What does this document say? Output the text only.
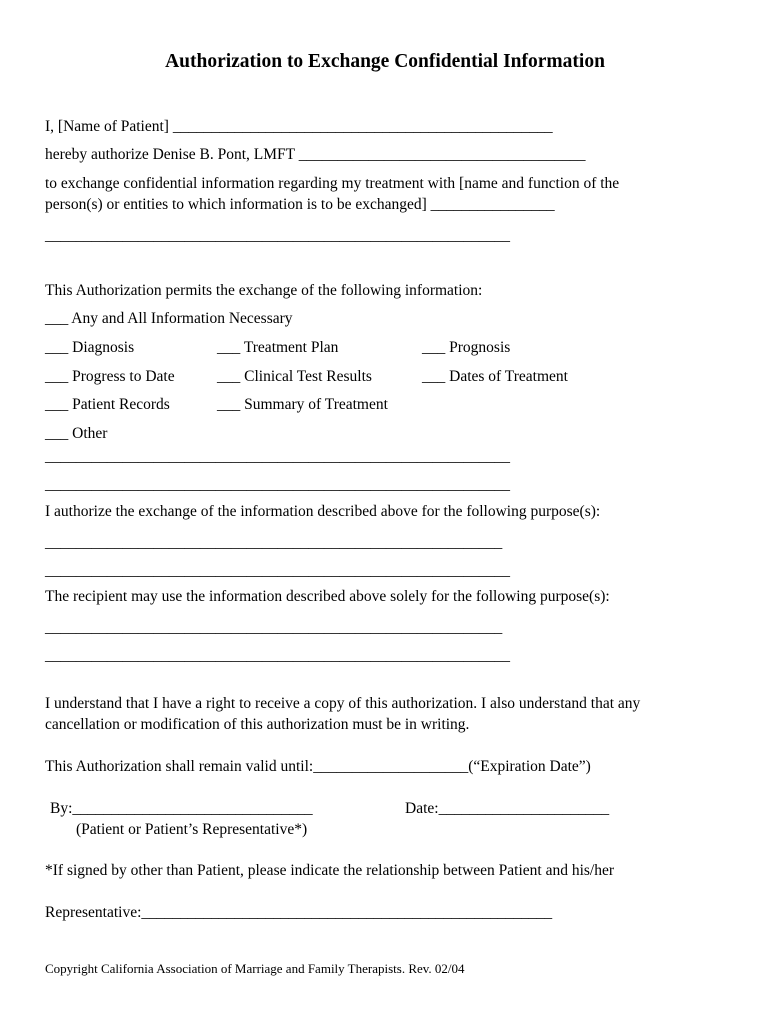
Authorization to Exchange Confidential Information
I, [Name of Patient] _________________________________________________
hereby authorize Denise B. Pont, LMFT _____________________________________
to exchange confidential information regarding my treatment with [name and function of the
person(s) or entities to which information is to be exchanged] ________________
____________________________________________________________
This Authorization permits the exchange of the following information:
___ Any and All Information Necessary
___ Diagnosis	___ Treatment Plan	___ Prognosis
___ Progress to Date	___ Clinical Test Results	___ Dates of Treatment
___ Patient Records	___ Summary of Treatment
___ Other
____________________________________________________________
____________________________________________________________
I authorize the exchange of the information described above for the following purpose(s):
___________________________________________________________
____________________________________________________________
The recipient may use the information described above solely for the following purpose(s):
___________________________________________________________
____________________________________________________________
I understand that I have a right to receive a copy of this authorization. I also understand that any
cancellation or modification of this authorization must be in writing.
This Authorization shall remain valid until:____________________(“Expiration Date”)
By:_______________________________	Date:______________________
(Patient or Patient’s Representative*)
*If signed by other than Patient, please indicate the relationship between Patient and his/her
Representative:_____________________________________________________
Copyright California Association of Marriage and Family Therapists. Rev. 02/04
